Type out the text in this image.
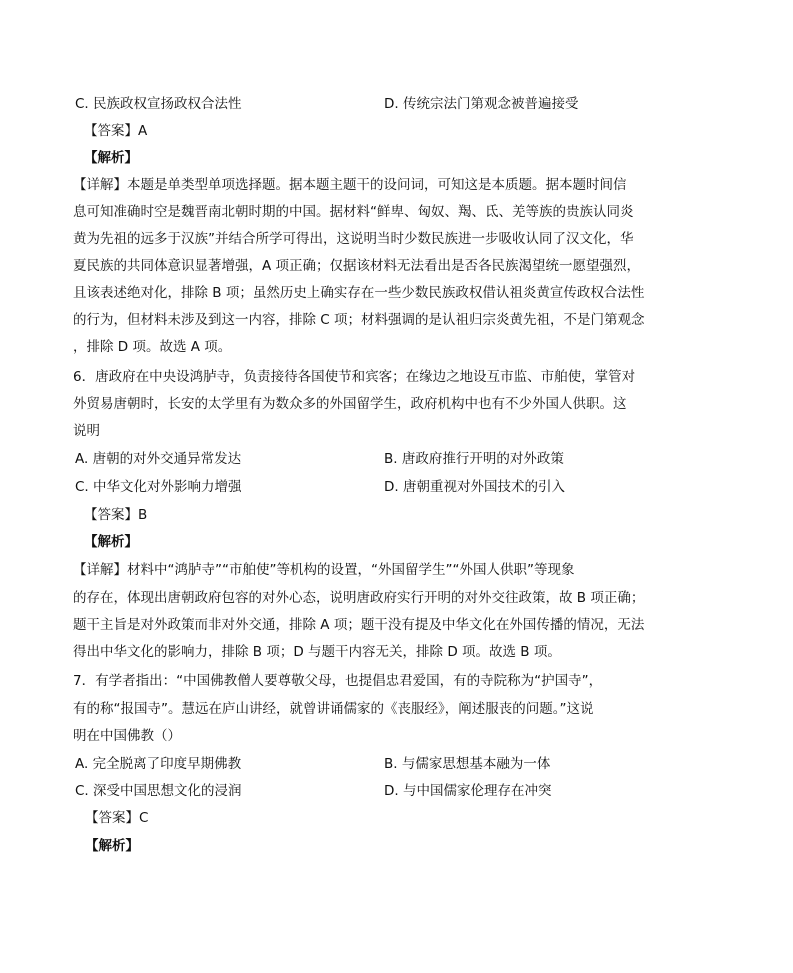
C. 民族政权宣扬政权合法性	D. 传统宗法门第观念被普遍接受
【答案】A
【解析】
【详解】本题是单类型单项选择题。据本题主题干的设问词，可知这是本质题。据本题时间信
息可知准确时空是魏晋南北朝时期的中国。据材料“鲜卑、匈奴、羯、氐、羌等族的贵族认同炎
黄为先祖的远多于汉族”并结合所学可得出，这说明当时少数民族进一步吸收认同了汉文化，华
夏民族的共同体意识显著增强，A 项正确；仅据该材料无法看出是否各民族渴望统一愿望强烈，
且该表述绝对化，排除 B 项；虽然历史上确实存在一些少数民族政权借认祖炎黄宣传政权合法性
的行为，但材料未涉及到这一内容，排除 C 项；材料强调的是认祖归宗炎黄先祖，不是门第观念
，排除 D 项。故选 A 项。
6．唐政府在中央设鸿胪寺，负责接待各国使节和宾客；在缘边之地设互市监、市舶使，掌管对
外贸易唐朝时，长安的太学里有为数众多的外国留学生，政府机构中也有不少外国人供职。这
说明
A. 唐朝的对外交通异常发达	B. 唐政府推行开明的对外政策
C. 中华文化对外影响力增强	D. 唐朝重视对外国技术的引入
【答案】B
【解析】
【详解】材料中“鸿胪寺”“市舶使”等机构的设置，“外国留学生”“外国人供职”等现象
的存在，体现出唐朝政府包容的对外心态，说明唐政府实行开明的对外交往政策，故 B 项正确；
题干主旨是对外政策而非对外交通，排除 A 项；题干没有提及中华文化在外国传播的情况，无法
得出中华文化的影响力，排除 B 项；D 与题干内容无关，排除 D 项。故选 B 项。
7．有学者指出：“中国佛教僧人要尊敬父母，也提倡忠君爱国，有的寺院称为“护国寺”，
有的称“报国寺”。慧远在庐山讲经，就曾讲诵儒家的《丧服经》，阐述服丧的问题。”这说
明在中国佛教（）
A. 完全脱离了印度早期佛教	B. 与儒家思想基本融为一体
C. 深受中国思想文化的浸润	D. 与中国儒家伦理存在冲突
【答案】C
【解析】
